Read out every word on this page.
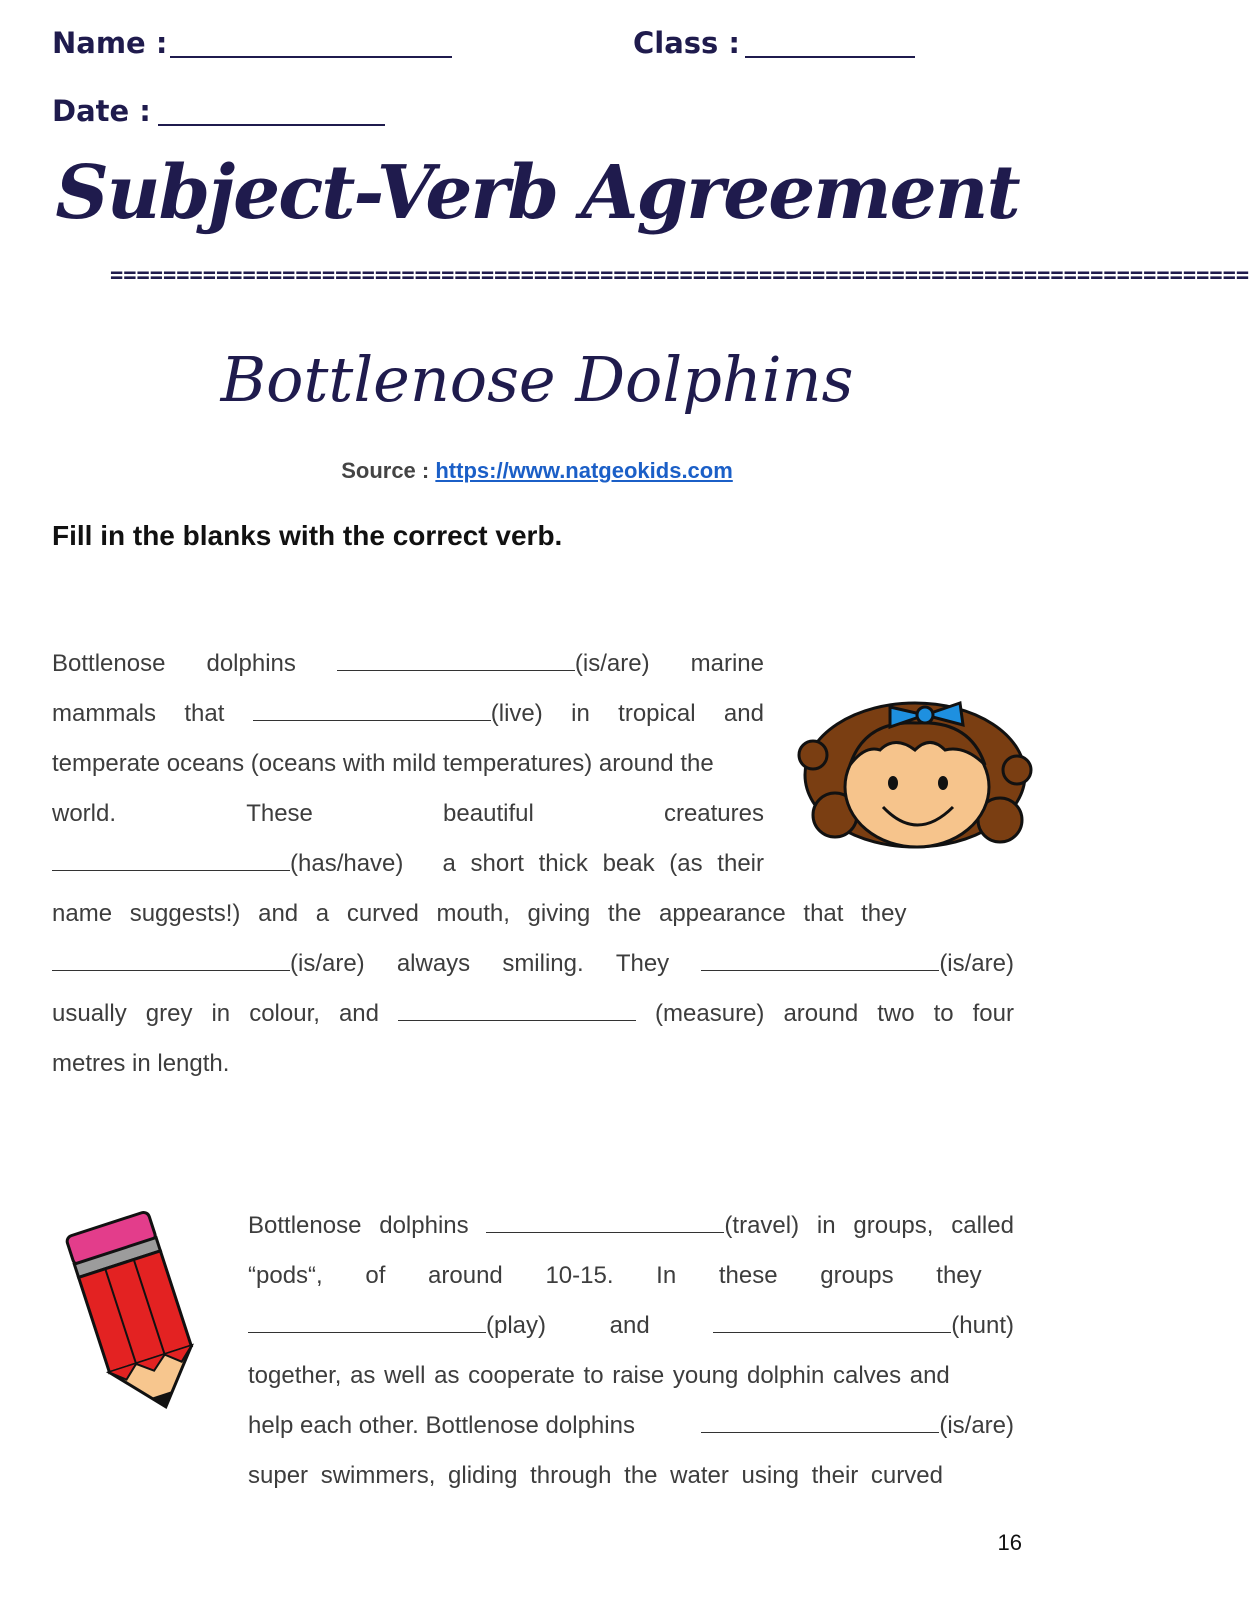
Name :	Class :
Date :
Subject-Verb Agreement
======================================================================================
Bottlenose Dolphins
Source : https://www.natgeokids.com
Fill in the blanks with the correct verb.
Bottlenose dolphins	(is/are) marine
mammals that	(live) in tropical and
temperate oceans (oceans with mild temperatures) around the
world.	These	beautiful	creatures
(has/have) a short thick beak (as their
name suggests!) and a curved mouth, giving the appearance that they
(is/are) always smiling. They	(is/are)
usually grey in colour, and	(measure) around two to four
metres in length.
Bottlenose dolphins	(travel) in groups, called
“pods“, of around 10-15. In these groups they
(play)	and	(hunt)
together, as well as cooperate to raise young dolphin calves and
help each other. Bottlenose dolphins	(is/are)
super swimmers, gliding through the water using their curved
16
